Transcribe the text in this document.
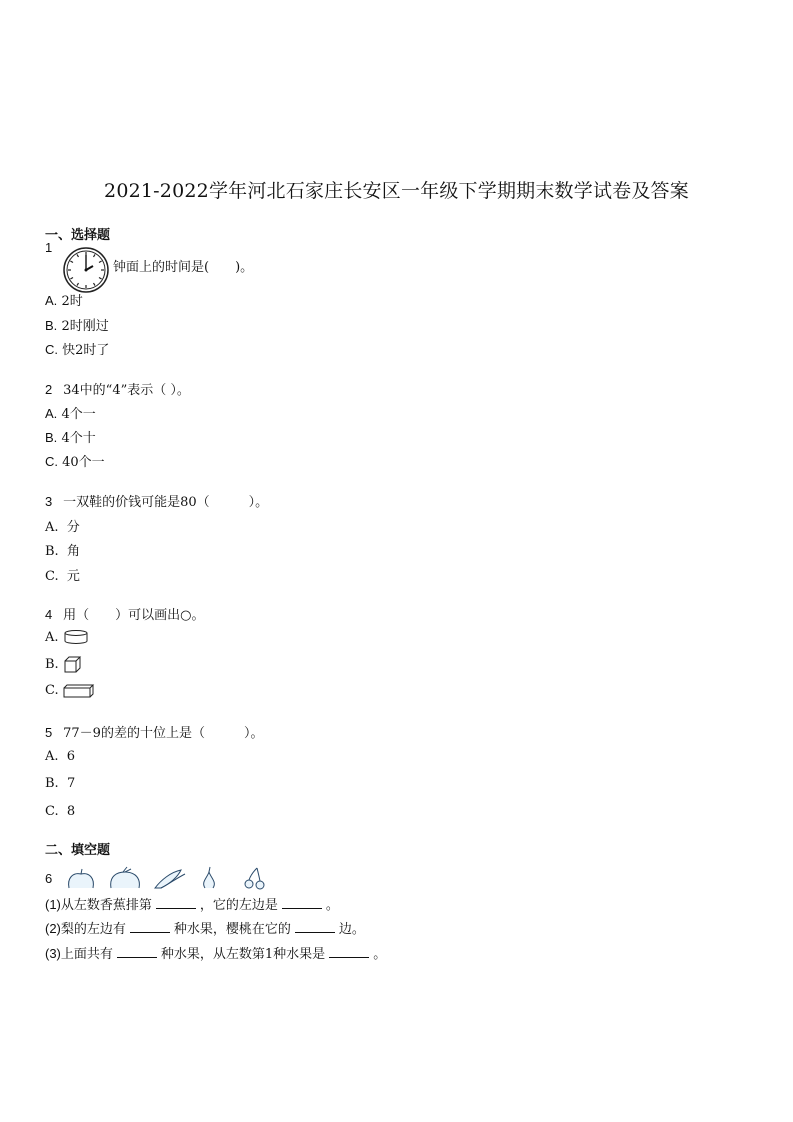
2021-2022学年河北石家庄长安区一年级下学期期末数学试卷及答案
一、选择题
1
钟面上的时间是(　　)。
A. 2时
B. 2时刚过
C. 快2时了
2 34中的“4”表示（ ）。
A. 4个一
B. 4个十
C. 40个一
3 一双鞋的价钱可能是80（　　　）。
A. 分
B. 角
C. 元
4 用（　　）可以画出○。
A.
B.
C.
5 77－9的差的十位上是（　　　）。
A. 6
B. 7
C. 8
二、填空题
6
(1)从左数香蕉排第	，它的左边是	。
(2)梨的左边有	种水果，樱桃在它的	边。
(3)上面共有	种水果，从左数第1种水果是	。
